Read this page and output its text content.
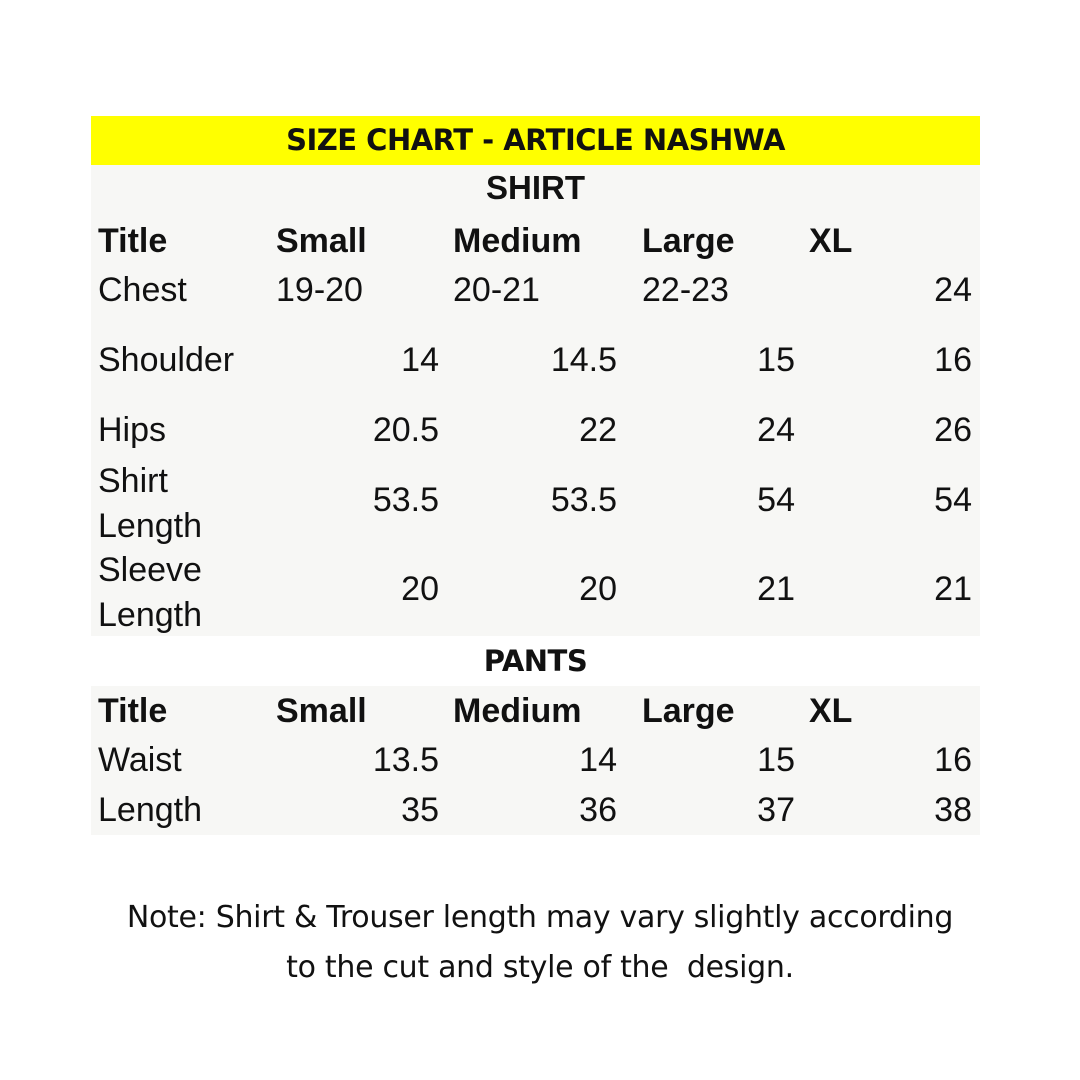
SIZE CHART - ARTICLE NASHWA
SHIRT
Title	Small	Medium Large XL
Chest	19-20	20-21	22-23	24
Shoulder	14	14.5	15	16
Hips	20.5	22	24	26
Shirt
Length
53.5	53.5	54	54
Sleeve
Length
20	20	21	21
PANTS
Title	Small	Medium Large XL
Waist	13.5	14	15	16
Length	35	36	37	38
Note: Shirt & Trouser length may vary slightly according
to the cut and style of the  design.
